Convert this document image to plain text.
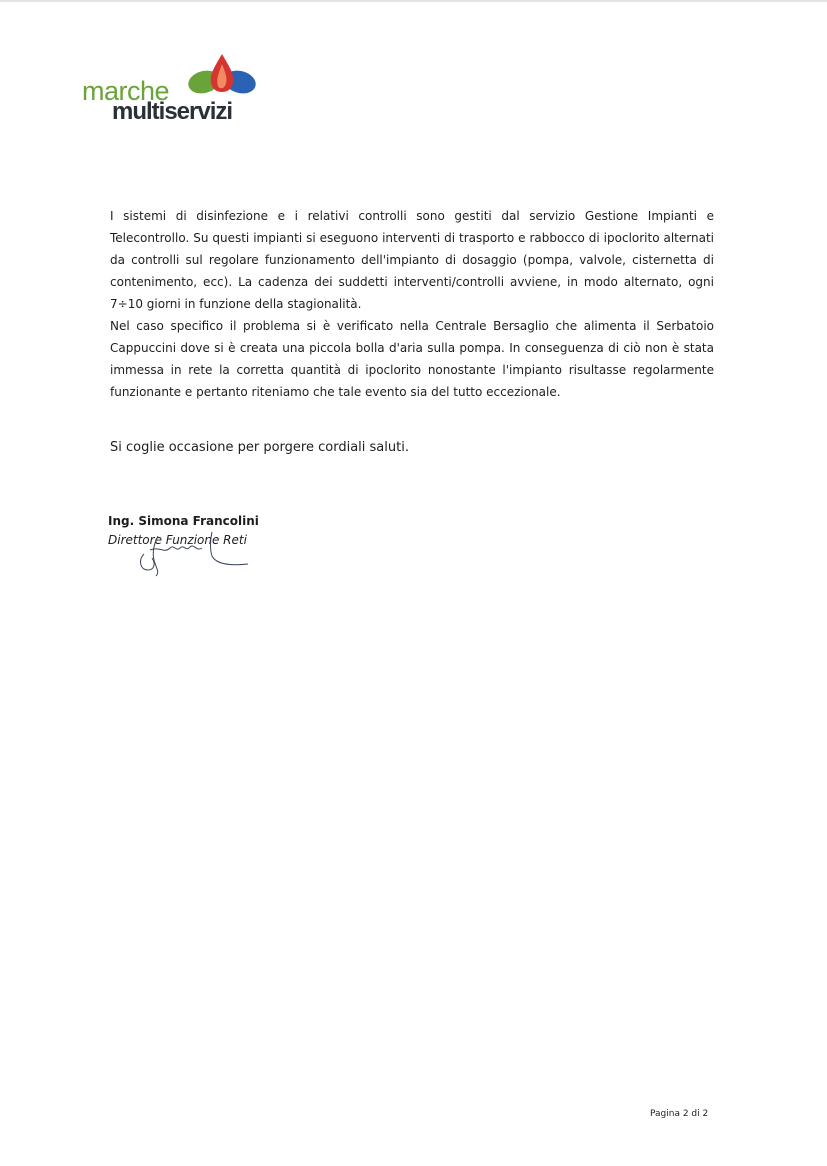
marche
multiservizi

I sistemi di disinfezione e i relativi controlli sono gestiti dal servizio Gestione Impianti e Telecontrollo. Su questi impianti si eseguono interventi di trasporto e rabbocco di ipoclorito alternati da controlli sul regolare funzionamento dell'impianto di dosaggio (pompa, valvole, cisternetta di contenimento, ecc). La cadenza dei suddetti interventi/controlli avviene, in modo alternato, ogni 7÷10 giorni in funzione della stagionalità.

Nel caso specifico il problema si è verificato nella Centrale Bersaglio che alimenta il Serbatoio Cappuccini dove si è creata una piccola bolla d'aria sulla pompa. In conseguenza di ciò non è stata immessa in rete la corretta quantità di ipoclorito nonostante l'impianto risultasse regolarmente funzionante e pertanto riteniamo che tale evento sia del tutto eccezionale.

Si coglie occasione per porgere cordiali saluti.
Ing. Simona Francolini
Direttore Funzione Reti
Pagina 2 di 2
